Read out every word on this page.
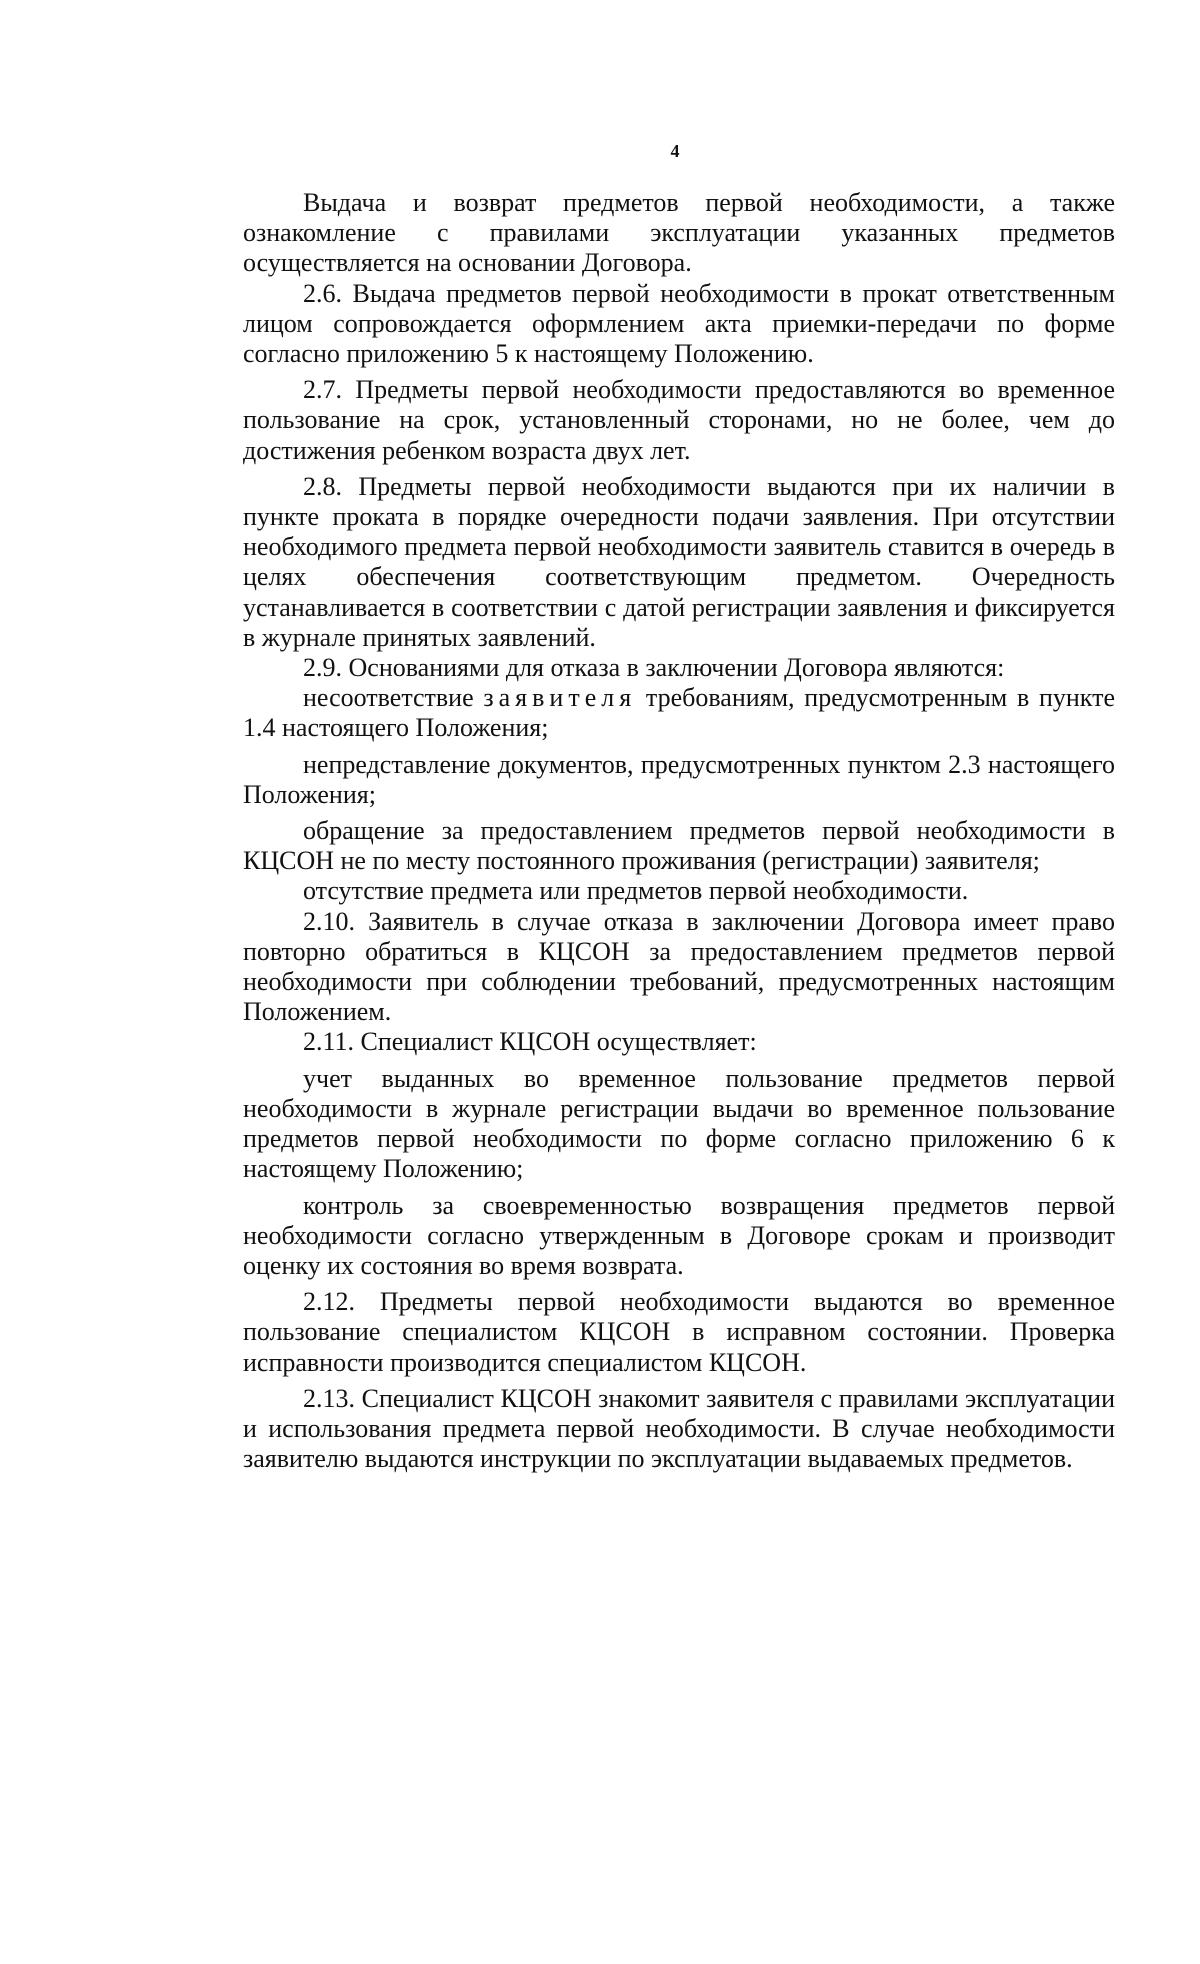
4

Выдача и возврат предметов первой необходимости, а также ознакомление с правилами эксплуатации указанных предметов осуществляется на основании Договора.

2.6. Выдача предметов первой необходимости в прокат ответственным лицом сопровождается оформлением акта приемки-передачи по форме согласно приложению 5 к настоящему Положению.

2.7. Предметы первой необходимости предоставляются во временное пользование на срок, установленный сторонами, но не более, чем до достижения ребенком возраста двух лет.

2.8. Предметы первой необходимости выдаются при их наличии в пункте проката в порядке очередности подачи заявления. При отсутствии необходимого предмета первой необходимости заявитель ставится в очередь в целях обеспечения соответствующим предметом. Очередность устанавливается в соответствии с датой регистрации заявления и фиксируется в журнале принятых заявлений.

2.9. Основаниями для отказа в заключении Договора являются:

несоответствие заявителя требованиям, предусмотренным в пункте 1.4 настоящего Положения;

непредставление документов, предусмотренных пунктом 2.3 настоящего Положения;

обращение за предоставлением предметов первой необходимости в КЦСОН не по месту постоянного проживания (регистрации) заявителя;

отсутствие предмета или предметов первой необходимости.

2.10. Заявитель в случае отказа в заключении Договора имеет право повторно обратиться в КЦСОН за предоставлением предметов первой необходимости при соблюдении требований, предусмотренных настоящим Положением.

2.11. Специалист КЦСОН осуществляет:

учет выданных во временное пользование предметов первой необходимости в журнале регистрации выдачи во временное пользование предметов первой необходимости по форме согласно приложению 6 к настоящему Положению;

контроль за своевременностью возвращения предметов первой необходимости согласно утвержденным в Договоре срокам и производит оценку их состояния во время возврата.

2.12. Предметы первой необходимости выдаются во временное пользование специалистом КЦСОН в исправном состоянии. Проверка исправности производится специалистом КЦСОН.

2.13. Специалист КЦСОН знакомит заявителя с правилами эксплуатации и использования предмета первой необходимости. В случае необходимости заявителю выдаются инструкции по эксплуатации выдаваемых предметов.
